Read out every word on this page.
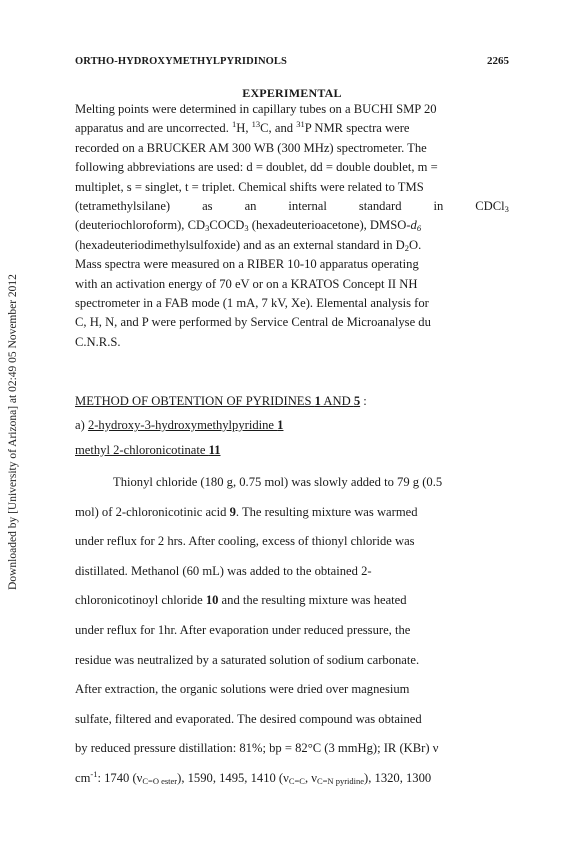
Downloaded by [University of Arizona] at 02:49 05 November 2012
ORTHO-HYDROXYMETHYLPYRIDINOLS	2265
EXPERIMENTAL
Melting points were determined in capillary tubes on a BUCHI SMP 20
apparatus and are uncorrected. $^1$H, $^{13}$C, and $^{31}$P NMR spectra were
recorded on a BRUCKER AM 300 WB (300 MHz) spectrometer. The
following abbreviations are used: d = doublet, dd = double doublet, m =
multiplet, s = singlet, t = triplet. Chemical shifts were related to TMS
(tetramethylsilane)	as	an	internal	standard	in	CDCl$_3$
(deuteriochloroform), $CD_3COCD_3$ (hexadeuterioacetone), DMSO-$d_6$
(hexadeuteriodimethylsulfoxide) and as an external standard in $D_2O$.
Mass spectra were measured on a RIBER 10-10 apparatus operating
with an activation energy of 70 eV or on a KRATOS Concept II NH
spectrometer in a FAB mode (1 mA, 7 kV, Xe). Elemental analysis for
C, H, N, and P were performed by Service Central de Microanalyse du
C.N.R.S.
METHOD OF OBTENTION OF PYRIDINES 1 AND 5 :
a) 2-hydroxy-3-hydroxymethylpyridine 1
methyl 2-chloronicotinate 11
Thionyl chloride (180 g, 0.75 mol) was slowly added to 79 g (0.5
mol) of 2-chloronicotinic acid 9. The resulting mixture was warmed
under reflux for 2 hrs. After cooling, excess of thionyl chloride was
distillated. Methanol (60 mL) was added to the obtained 2-
chloronicotinoyl chloride 10 and the resulting mixture was heated
under reflux for 1hr. After evaporation under reduced pressure, the
residue was neutralized by a saturated solution of sodium carbonate.
After extraction, the organic solutions were dried over magnesium
sulfate, filtered and evaporated. The desired compound was obtained
by reduced pressure distillation: 81%; bp = 82°C (3 mmHg); IR (KBr) ν
$cm^{-1}$: 1740 $(\nu_{C=O ester})$, 1590, 1495, 1410 ($\nu_{C=C}$, $\nu_{C=N pyridine}$), 1320, 1300
